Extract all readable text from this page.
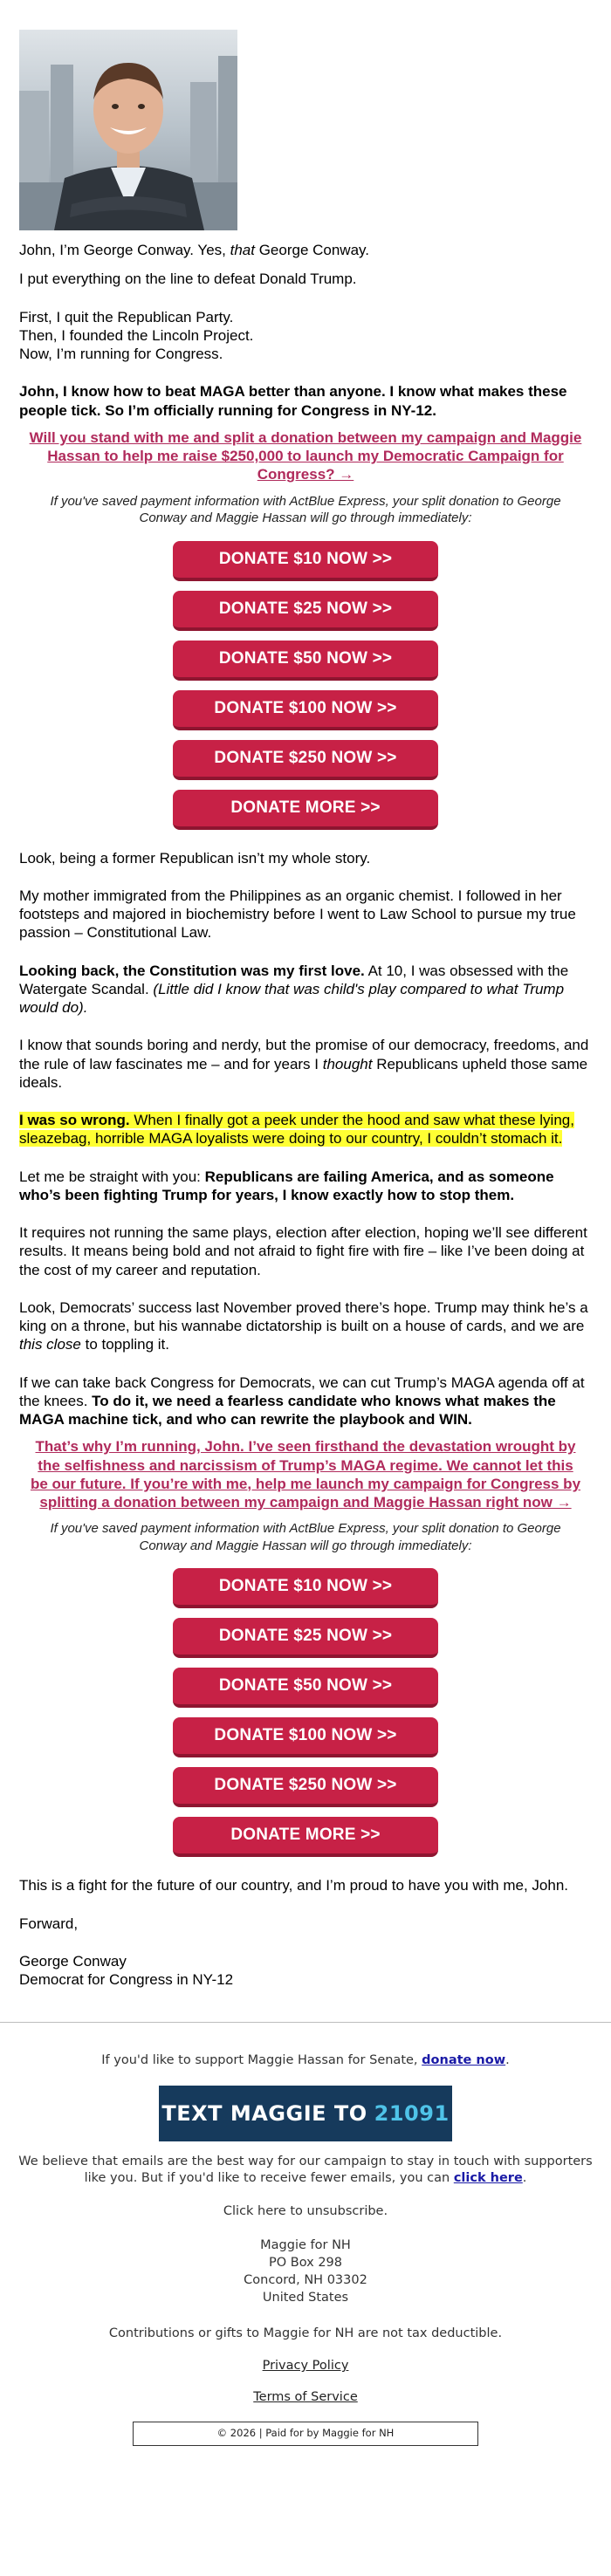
John, I’m George Conway. Yes, that George Conway.

I put everything on the line to defeat Donald Trump.

First, I quit the Republican Party.

Then, I founded the Lincoln Project.

Now, I’m running for Congress.

John, I know how to beat MAGA better than anyone. I know what makes these people tick. So I’m officially running for Congress in NY-12.

Will you stand with me and split a donation between my campaign and Maggie Hassan to help me raise $250,000 to launch my Democratic Campaign for Congress? →
If you've saved payment information with ActBlue Express, your split donation to George Conway and Maggie Hassan will go through immediately:
DONATE $10 NOW >>
DONATE $25 NOW >>
DONATE $50 NOW >>
DONATE $100 NOW >>
DONATE $250 NOW >>
DONATE MORE >>

Look, being a former Republican isn’t my whole story.

My mother immigrated from the Philippines as an organic chemist. I followed in her footsteps and majored in biochemistry before I went to Law School to pursue my true passion – Constitutional Law.

Looking back, the Constitution was my first love. At 10, I was obsessed with the Watergate Scandal. (Little did I know that was child's play compared to what Trump would do).

I know that sounds boring and nerdy, but the promise of our democracy, freedoms, and the rule of law fascinates me – and for years I thought Republicans upheld those same ideals.

I was so wrong. When I finally got a peek under the hood and saw what these lying, sleazebag, horrible MAGA loyalists were doing to our country, I couldn’t stomach it.

Let me be straight with you: Republicans are failing America, and as someone who’s been fighting Trump for years, I know exactly how to stop them.

It requires not running the same plays, election after election, hoping we’ll see different results. It means being bold and not afraid to fight fire with fire – like I’ve been doing at the cost of my career and reputation.

Look, Democrats’ success last November proved there’s hope. Trump may think he’s a king on a throne, but his wannabe dictatorship is built on a house of cards, and we are this close to toppling it.

If we can take back Congress for Democrats, we can cut Trump’s MAGA agenda off at the knees. To do it, we need a fearless candidate who knows what makes the MAGA machine tick, and who can rewrite the playbook and WIN.

That’s why I’m running, John. I’ve seen firsthand the devastation wrought by the selfishness and narcissism of Trump’s MAGA regime. We cannot let this be our future. If you’re with me, help me launch my campaign for Congress by splitting a donation between my campaign and Maggie Hassan right now →
If you've saved payment information with ActBlue Express, your split donation to George Conway and Maggie Hassan will go through immediately:
DONATE $10 NOW >>
DONATE $25 NOW >>
DONATE $50 NOW >>
DONATE $100 NOW >>
DONATE $250 NOW >>
DONATE MORE >>

This is a fight for the future of our country, and I’m proud to have you with me, John.

Forward,

George Conway

Democrat for Congress in NY-12

If you'd like to support Maggie Hassan for Senate, donate now.

TEXT MAGGIE TO 21091

We believe that emails are the best way for our campaign to stay in touch with supporters like you. But if you'd like to receive fewer emails, you can click here.

Click here to unsubscribe.

Maggie for NH
PO Box 298
Concord, NH 03302
United States

Contributions or gifts to Maggie for NH are not tax deductible.

Privacy Policy
Terms of Service
© 2026 | Paid for by Maggie for NH
